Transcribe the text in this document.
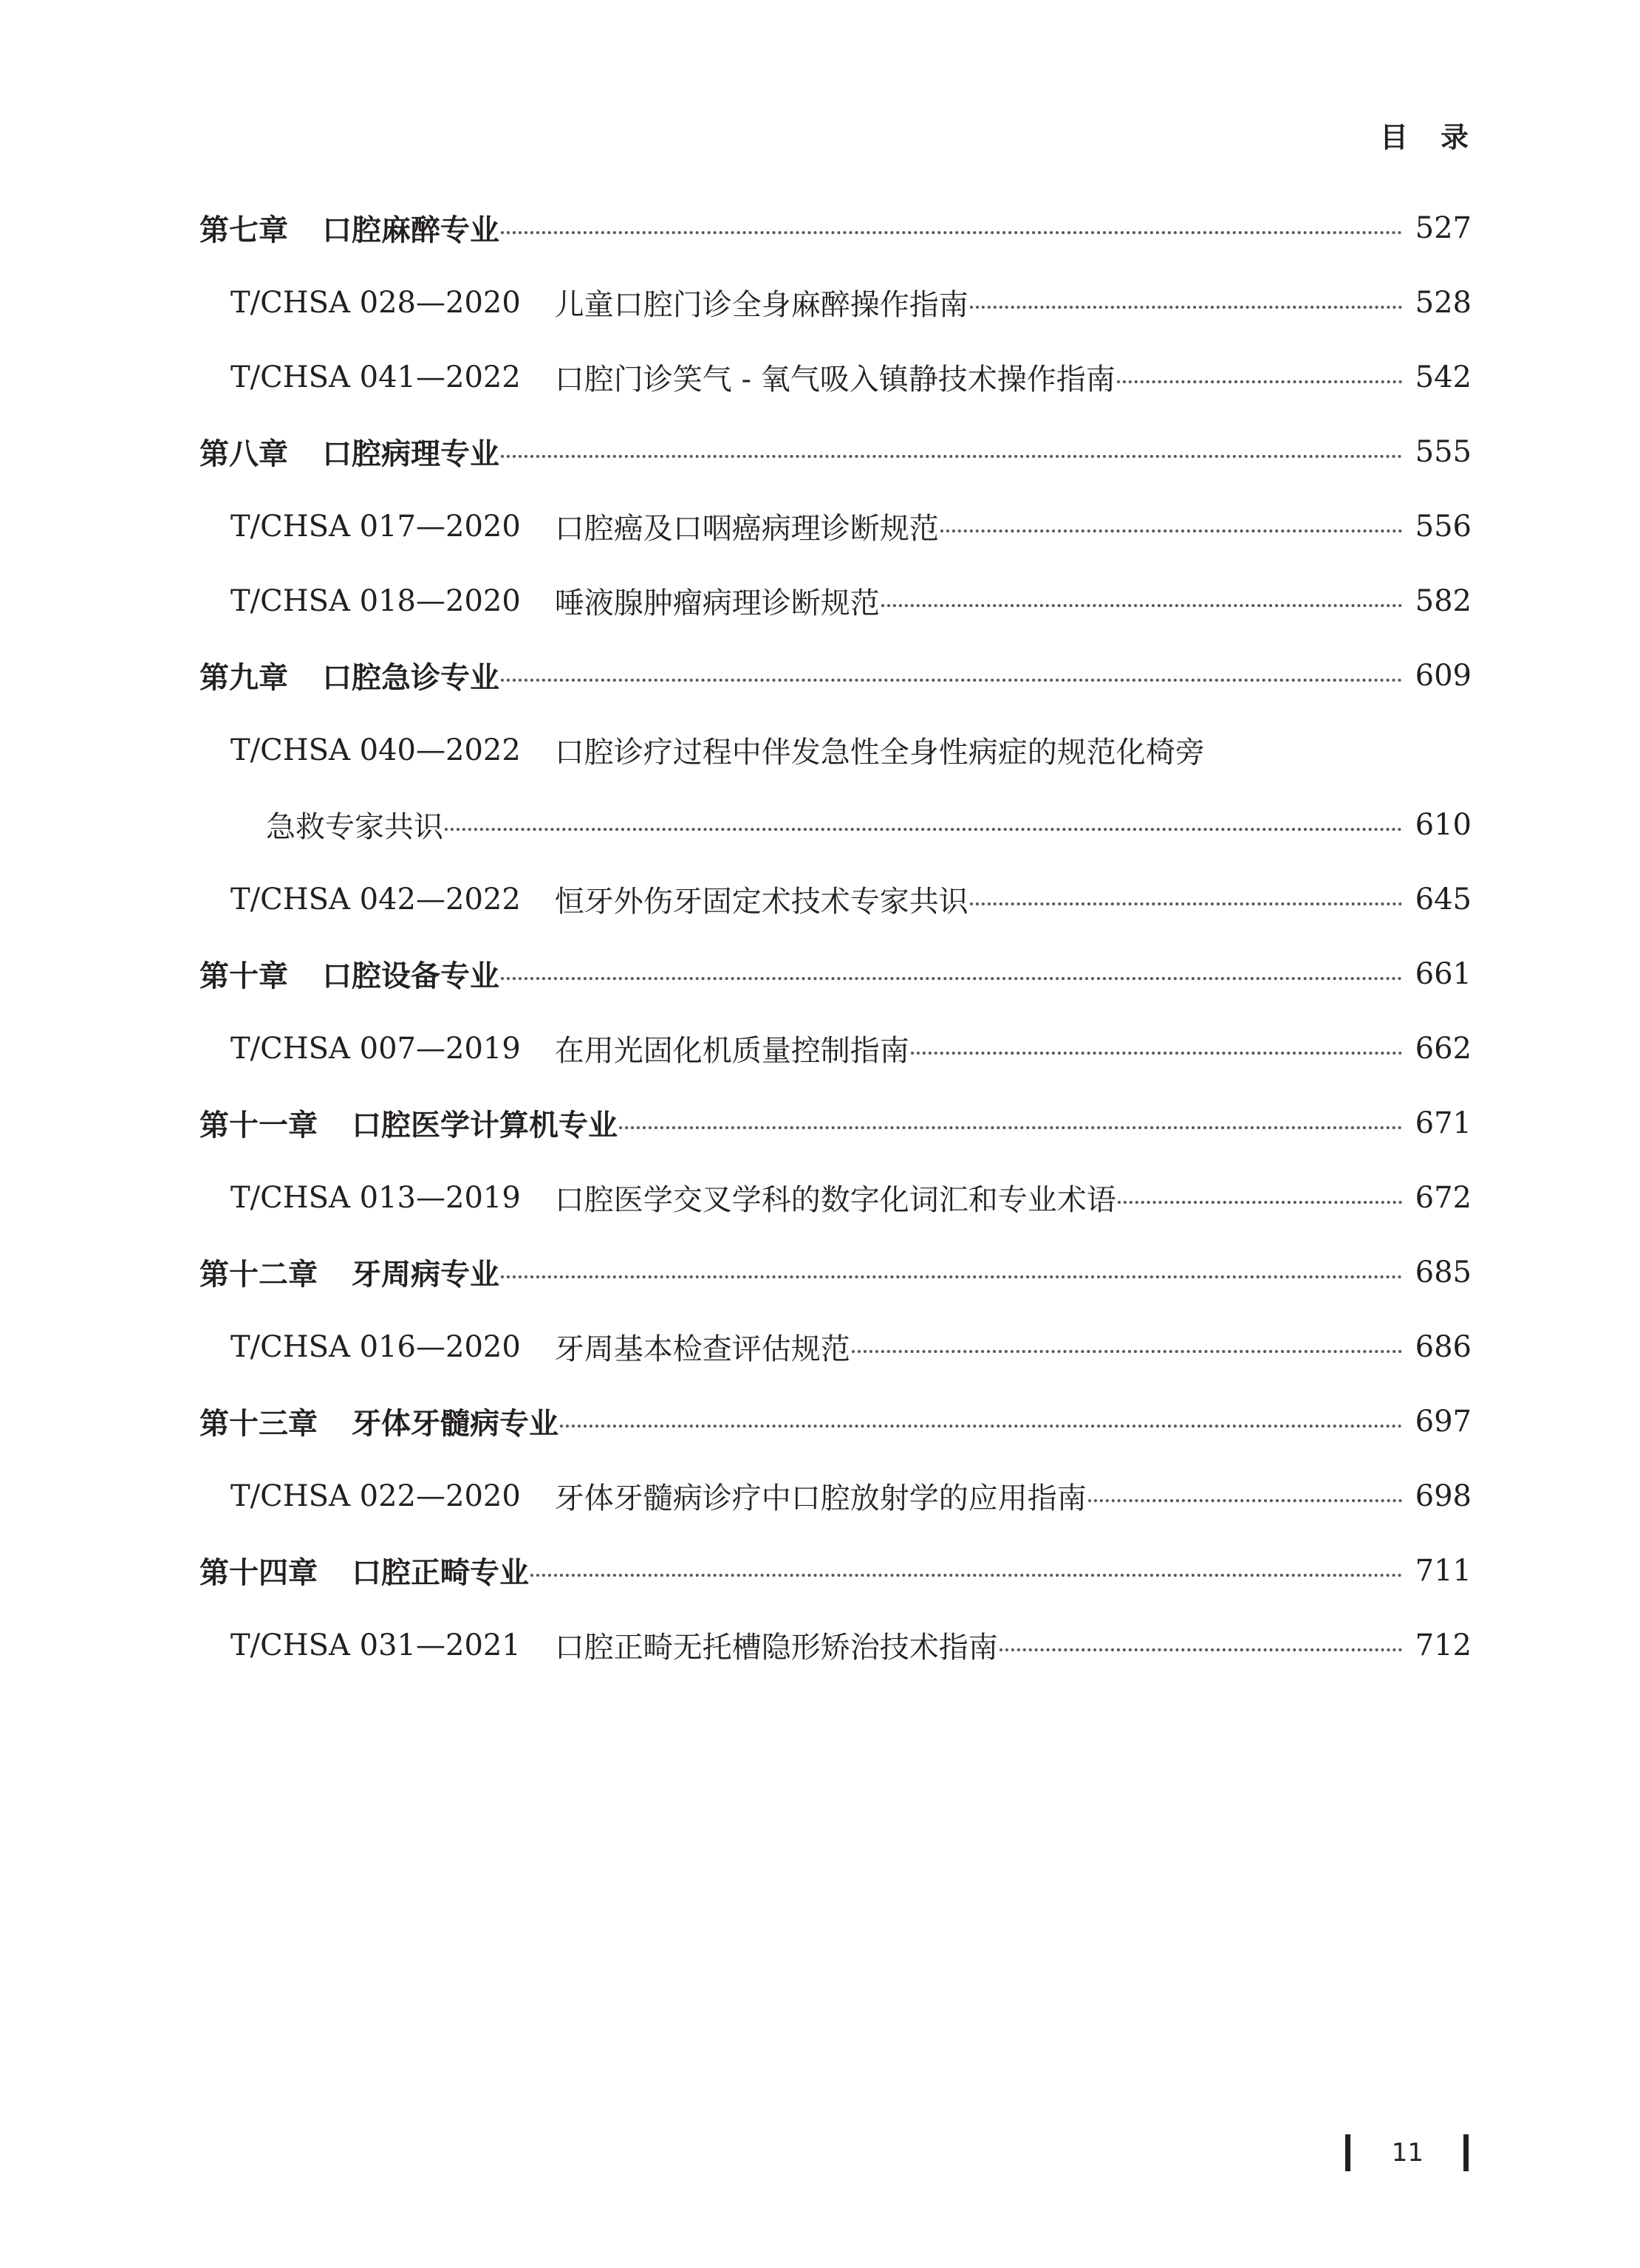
目录
第七章 口腔麻醉专业	527
T/CHSA 028—2020 儿童口腔门诊全身麻醉操作指南	528
T/CHSA 041—2022 口腔门诊笑气 - 氧气吸入镇静技术操作指南	542
第八章 口腔病理专业	555
T/CHSA 017—2020 口腔癌及口咽癌病理诊断规范	556
T/CHSA 018—2020 唾液腺肿瘤病理诊断规范	582
第九章 口腔急诊专业	609
T/CHSA 040—2022 口腔诊疗过程中伴发急性全身性病症的规范化椅旁
急救专家共识	610
T/CHSA 042—2022 恒牙外伤牙固定术技术专家共识	645
第十章 口腔设备专业	661
T/CHSA 007—2019 在用光固化机质量控制指南	662
第十一章 口腔医学计算机专业	671
T/CHSA 013—2019 口腔医学交叉学科的数字化词汇和专业术语	672
第十二章 牙周病专业	685
T/CHSA 016—2020 牙周基本检查评估规范	686
第十三章 牙体牙髓病专业	697
T/CHSA 022—2020 牙体牙髓病诊疗中口腔放射学的应用指南	698
第十四章 口腔正畸专业	711
T/CHSA 031—2021 口腔正畸无托槽隐形矫治技术指南	712
11
